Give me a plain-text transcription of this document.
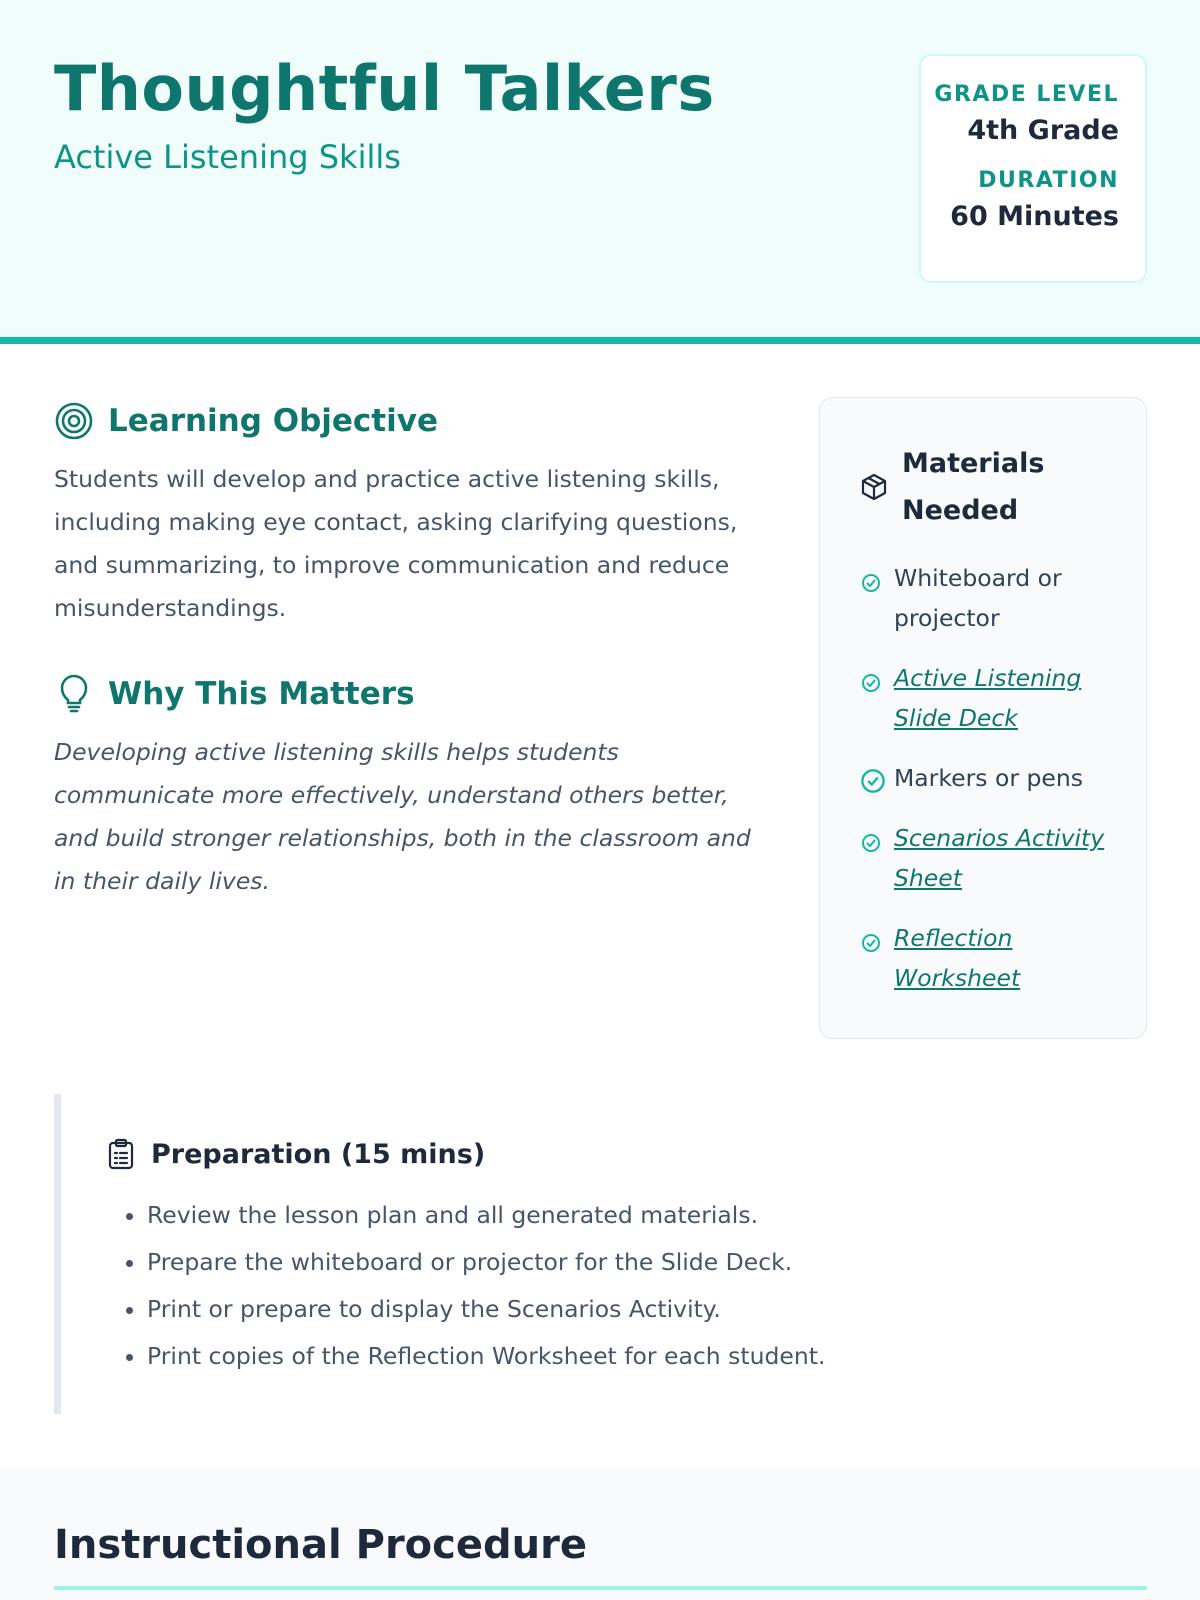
Thoughtful Talkers
Active Listening Skills
GRADE LEVEL
4th Grade
DURATION
60 Minutes
Learning Objective

Students will develop and practice active listening skills, including making eye contact, asking clarifying questions, and summarizing, to improve communication and reduce misunderstandings.

Why This Matters

Developing active listening skills helps students communicate more effectively, understand others better, and build stronger relationships, both in the classroom and in their daily lives.

Materials Needed
Whiteboard or projector
Active Listening Slide Deck
Markers or pens
Scenarios Activity Sheet
Reflection Worksheet
Preparation (15 mins)
• Review the lesson plan and all generated materials.
• Prepare the whiteboard or projector for the Slide Deck.
• Print or prepare to display the Scenarios Activity.
• Print copies of the Reflection Worksheet for each student.
Instructional Procedure
